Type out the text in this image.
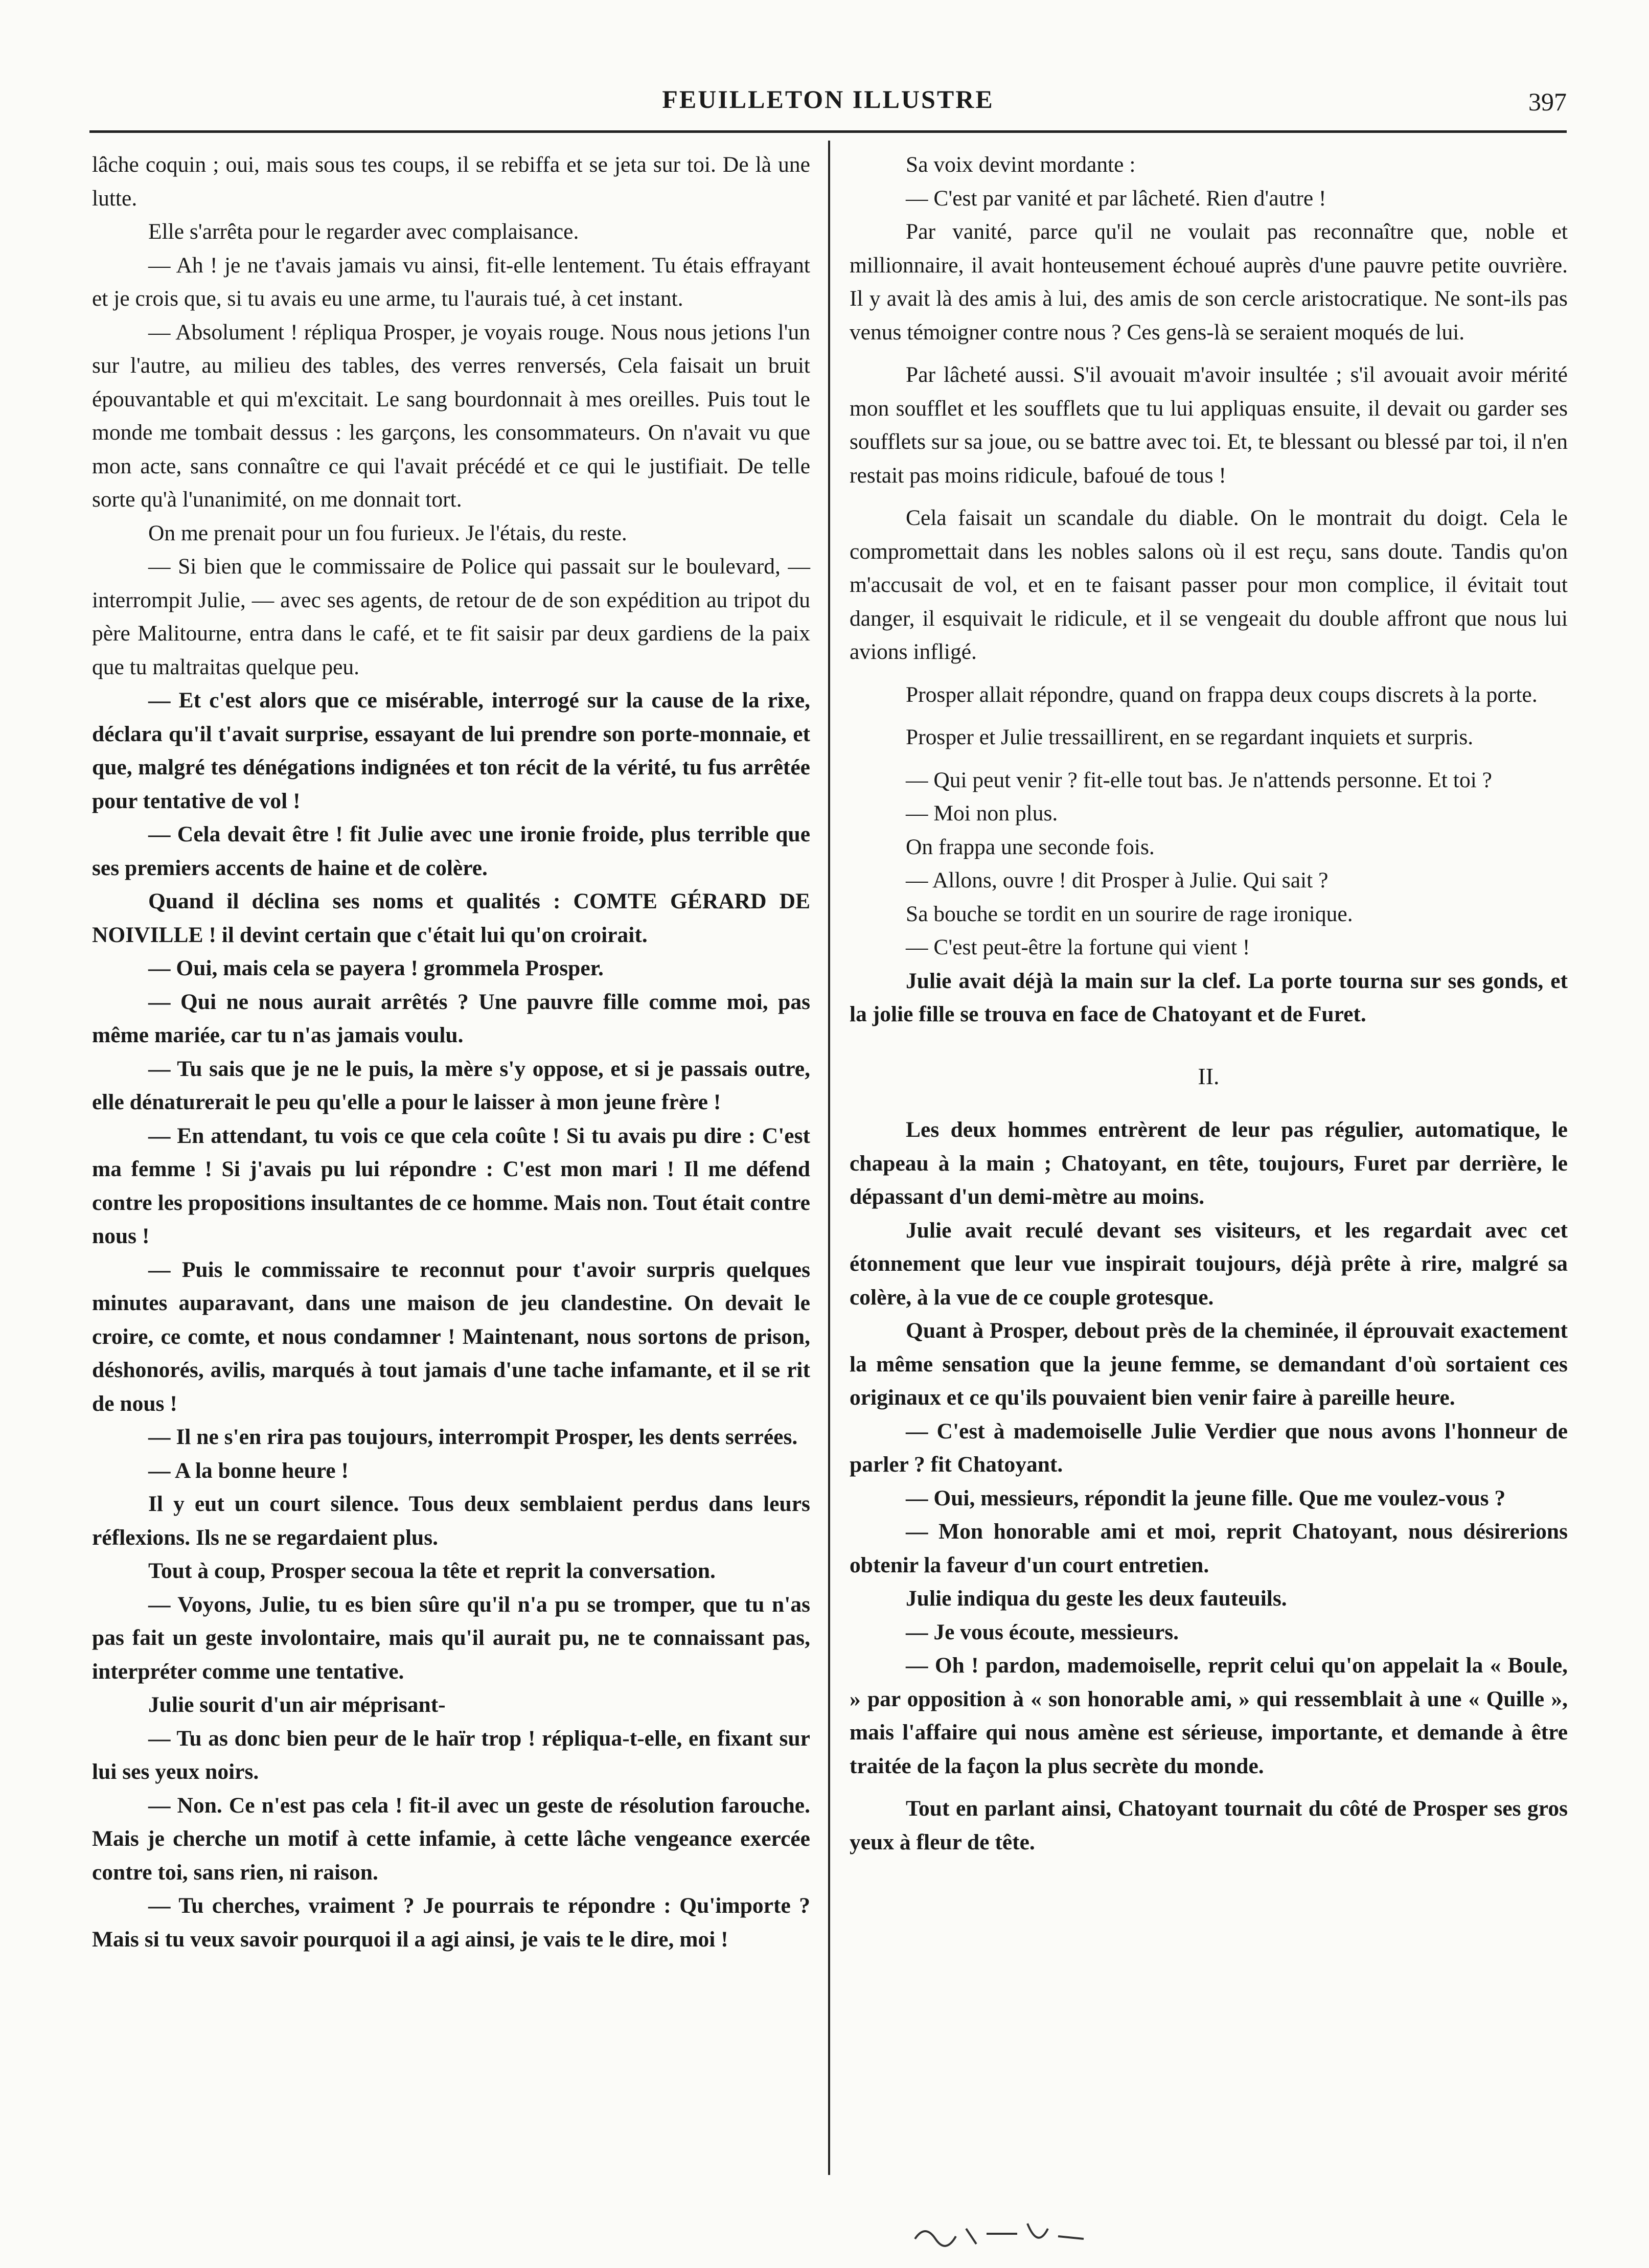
FEUILLETON ILLUSTRE	397

lâche coquin ; oui, mais sous tes coups, il se rebiffa et se jeta sur toi. De là une lutte.

Elle s'arrêta pour le regarder avec complaisance.

— Ah ! je ne t'avais jamais vu ainsi, fit-elle lentement. Tu étais effrayant et je crois que, si tu avais eu une arme, tu l'aurais tué, à cet instant.

— Absolument ! répliqua Prosper, je voyais rouge. Nous nous jetions l'un sur l'autre, au milieu des tables, des verres renversés, Cela faisait un bruit épouvantable et qui m'excitait. Le sang bourdonnait à mes oreilles. Puis tout le monde me tombait dessus : les garçons, les consommateurs. On n'avait vu que mon acte, sans connaître ce qui l'avait précédé et ce qui le justifiait. De telle sorte qu'à l'unanimité, on me donnait tort.

On me prenait pour un fou furieux. Je l'étais, du reste.

— Si bien que le commissaire de Police qui passait sur le boulevard, — interrompit Julie, — avec ses agents, de retour de de son expédition au tripot du père Malitourne, entra dans le café, et te fit saisir par deux gardiens de la paix que tu maltraitas quelque peu.

— Et c'est alors que ce misérable, interrogé sur la cause de la rixe, déclara qu'il t'avait surprise, essayant de lui prendre son porte-monnaie, et que, malgré tes dénégations indignées et ton récit de la vérité, tu fus arrêtée pour tentative de vol !

— Cela devait être ! fit Julie avec une ironie froide, plus terrible que ses premiers accents de haine et de colère.

Quand il déclina ses noms et qualités : COMTE GÉRARD DE NOIVILLE ! il devint certain que c'était lui qu'on croirait.

— Oui, mais cela se payera ! grommela Prosper.

— Qui ne nous aurait arrêtés ? Une pauvre fille comme moi, pas même mariée, car tu n'as jamais voulu.

— Tu sais que je ne le puis, la mère s'y oppose, et si je passais outre, elle dénaturerait le peu qu'elle a pour le laisser à mon jeune frère !

— En attendant, tu vois ce que cela coûte ! Si tu avais pu dire : C'est ma femme ! Si j'avais pu lui répondre : C'est mon mari ! Il me défend contre les propositions insultantes de ce homme. Mais non. Tout était contre nous !

— Puis le commissaire te reconnut pour t'avoir surpris quelques minutes auparavant, dans une maison de jeu clandestine. On devait le croire, ce comte, et nous condamner ! Maintenant, nous sortons de prison, déshonorés, avilis, marqués à tout jamais d'une tache infamante, et il se rit de nous !

— Il ne s'en rira pas toujours, interrompit Prosper, les dents serrées.

— A la bonne heure !

Il y eut un court silence. Tous deux semblaient perdus dans leurs réflexions. Ils ne se regardaient plus.

Tout à coup, Prosper secoua la tête et reprit la conversation.

— Voyons, Julie, tu es bien sûre qu'il n'a pu se tromper, que tu n'as pas fait un geste involontaire, mais qu'il aurait pu, ne te connaissant pas, interpréter comme une tentative.

Julie sourit d'un air méprisant-

— Tu as donc bien peur de le haïr trop ! répliqua-t-elle, en fixant sur lui ses yeux noirs.

— Non. Ce n'est pas cela ! fit-il avec un geste de résolution farouche. Mais je cherche un motif à cette infamie, à cette lâche vengeance exercée contre toi, sans rien, ni raison.

— Tu cherches, vraiment ? Je pourrais te répondre : Qu'importe ? Mais si tu veux savoir pourquoi il a agi ainsi, je vais te le dire, moi !

Sa voix devint mordante :

— C'est par vanité et par lâcheté. Rien d'autre !

Par vanité, parce qu'il ne voulait pas reconnaître que, noble et millionnaire, il avait honteusement échoué auprès d'une pauvre petite ouvrière. Il y avait là des amis à lui, des amis de son cercle aristocratique. Ne sont-ils pas venus témoigner contre nous ? Ces gens-là se seraient moqués de lui.

Par lâcheté aussi. S'il avouait m'avoir insultée ; s'il avouait avoir mérité mon soufflet et les soufflets que tu lui appliquas ensuite, il devait ou garder ses soufflets sur sa joue, ou se battre avec toi. Et, te blessant ou blessé par toi, il n'en restait pas moins ridicule, bafoué de tous !

Cela faisait un scandale du diable. On le montrait du doigt. Cela le compromettait dans les nobles salons où il est reçu, sans doute. Tandis qu'on m'accusait de vol, et en te faisant passer pour mon complice, il évitait tout danger, il esquivait le ridicule, et il se vengeait du double affront que nous lui avions infligé.

Prosper allait répondre, quand on frappa deux coups discrets à la porte.

Prosper et Julie tressaillirent, en se regardant inquiets et surpris.

— Qui peut venir ? fit-elle tout bas. Je n'attends personne. Et toi ?

— Moi non plus.

On frappa une seconde fois.

— Allons, ouvre ! dit Prosper à Julie. Qui sait ?

Sa bouche se tordit en un sourire de rage ironique.

— C'est peut-être la fortune qui vient !

Julie avait déjà la main sur la clef. La porte tourna sur ses gonds, et la jolie fille se trouva en face de Chatoyant et de Furet.

II.

Les deux hommes entrèrent de leur pas régulier, automatique, le chapeau à la main ; Chatoyant, en tête, toujours, Furet par derrière, le dépassant d'un demi-mètre au moins.

Julie avait reculé devant ses visiteurs, et les regardait avec cet étonnement que leur vue inspirait toujours, déjà prête à rire, malgré sa colère, à la vue de ce couple grotesque.

Quant à Prosper, debout près de la cheminée, il éprouvait exactement la même sensation que la jeune femme, se demandant d'où sortaient ces originaux et ce qu'ils pouvaient bien venir faire à pareille heure.

— C'est à mademoiselle Julie Verdier que nous avons l'honneur de parler ? fit Chatoyant.

— Oui, messieurs, répondit la jeune fille. Que me voulez-vous ?

— Mon honorable ami et moi, reprit Chatoyant, nous désirerions obtenir la faveur d'un court entretien.

Julie indiqua du geste les deux fauteuils.

— Je vous écoute, messieurs.

— Oh ! pardon, mademoiselle, reprit celui qu'on appelait la « Boule, » par opposition à « son honorable ami, » qui ressemblait à une « Quille », mais l'affaire qui nous amène est sérieuse, importante, et demande à être traitée de la façon la plus secrète du monde.

Tout en parlant ainsi, Chatoyant tournait du côté de Prosper ses gros yeux à fleur de tête.
